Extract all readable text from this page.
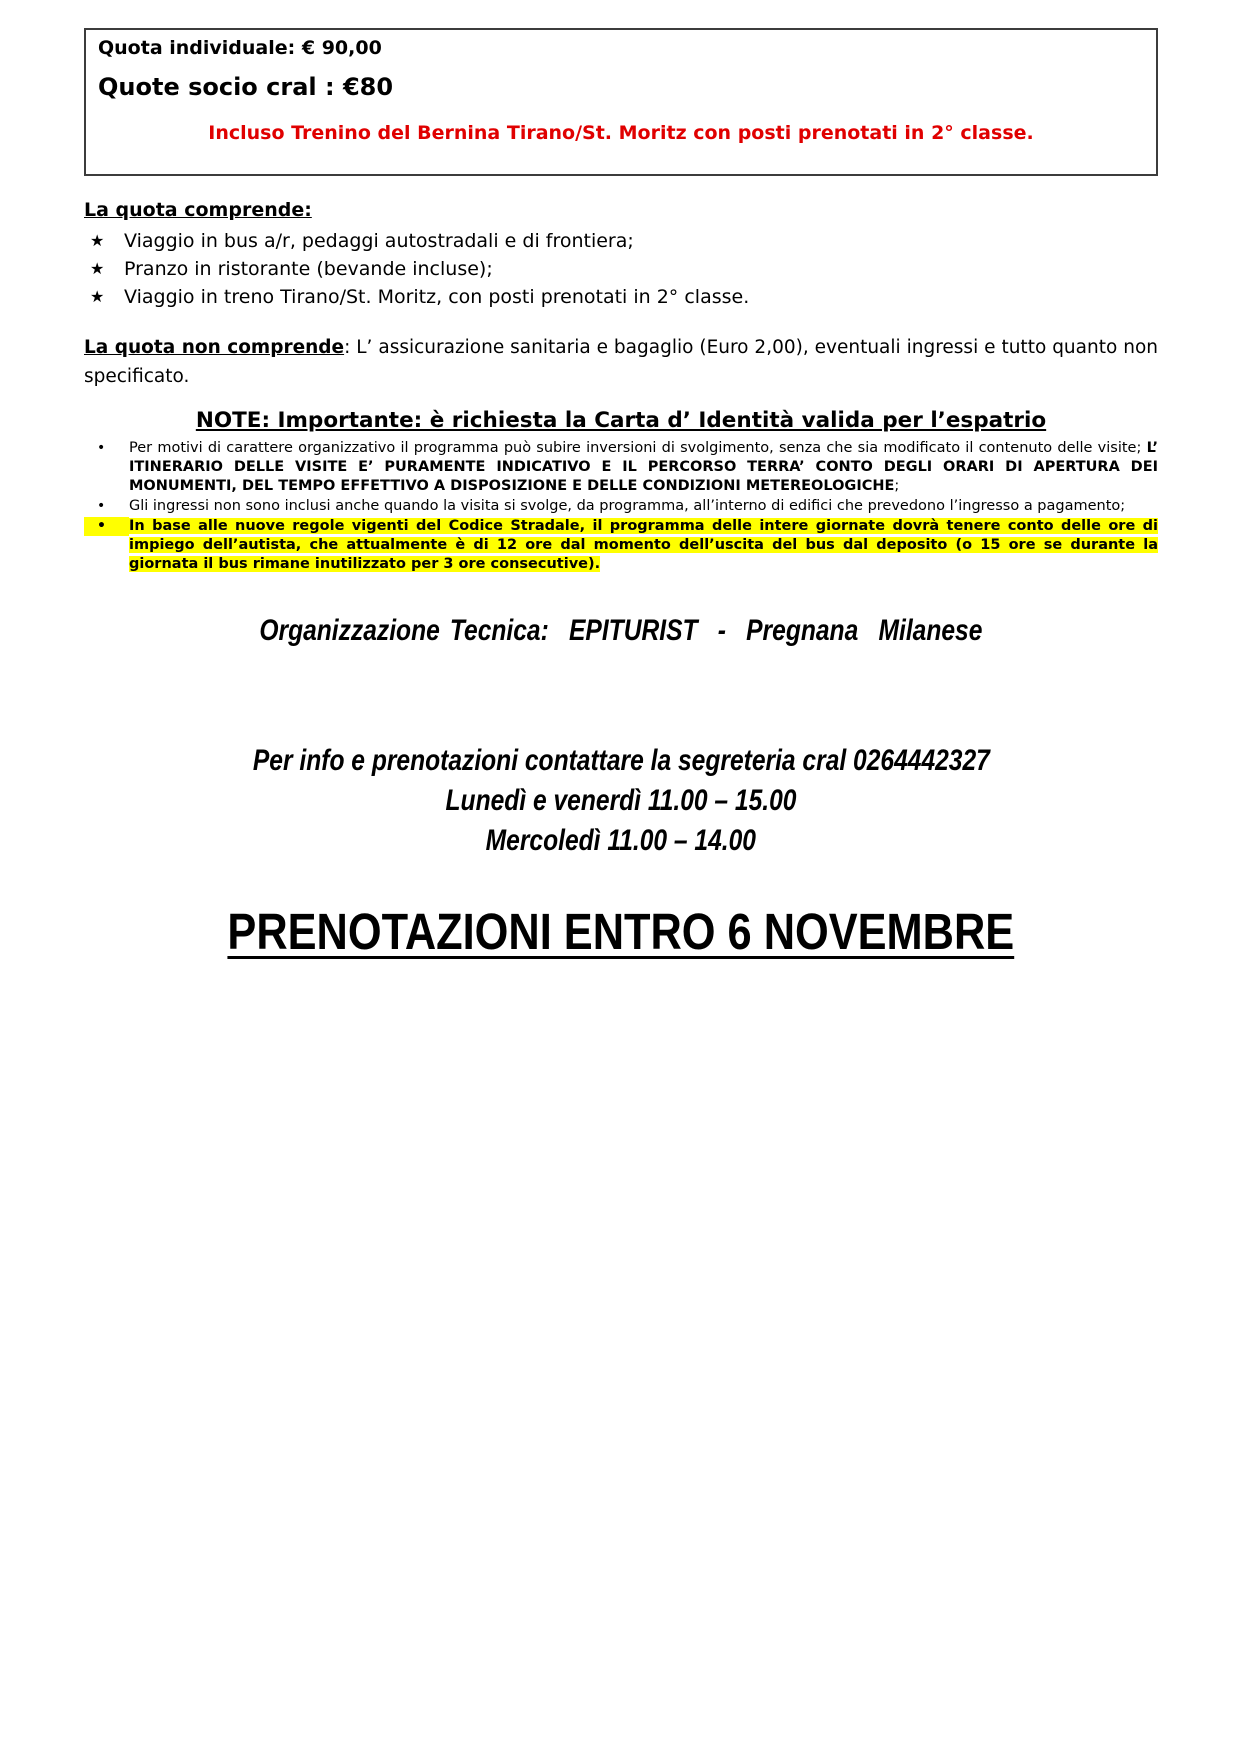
Quota individuale: € 90,00
Quote socio cral : €80
Incluso Trenino del Bernina Tirano/St. Moritz con posti prenotati in 2° classe.
La quota comprende:
★	Viaggio in bus a/r, pedaggi autostradali e di frontiera;
★	Pranzo in ristorante (bevande incluse);
★	Viaggio in treno Tirano/St. Moritz, con posti prenotati in 2° classe.

La quota non comprende: L’ assicurazione sanitaria e bagaglio (Euro 2,00), eventuali ingressi e tutto quanto non specificato.

NOTE: Importante: è richiesta la Carta d’ Identità valida per l’espatrio
•	Per motivi di carattere organizzativo il programma può subire inversioni di svolgimento, senza che sia modificato il contenuto delle visite; L’ ITINERARIO DELLE VISITE E’ PURAMENTE INDICATIVO E IL PERCORSO TERRA’ CONTO DEGLI ORARI DI APERTURA DEI MONUMENTI, DEL TEMPO EFFETTIVO A DISPOSIZIONE E DELLE CONDIZIONI METEREOLOGICHE;
•	Gli ingressi non sono inclusi anche quando la visita si svolge, da programma, all’interno di edifici che prevedono l’ingresso a pagamento;
•	In base alle nuove regole vigenti del Codice Stradale, il programma delle intere giornate dovrà tenere conto delle ore di impiego dell’autista, che attualmente è di 12 ore dal momento dell’uscita del bus dal deposito (o 15 ore se durante la giornata il bus rimane inutilizzato per 3 ore consecutive).
Organizzazione Tecnica:  EPITURIST  -  Pregnana  Milanese
Per info e prenotazioni contattare la segreteria cral 0264442327
Lunedì e venerdì 11.00 – 15.00
Mercoledì 11.00 – 14.00
PRENOTAZIONI ENTRO 6 NOVEMBRE
